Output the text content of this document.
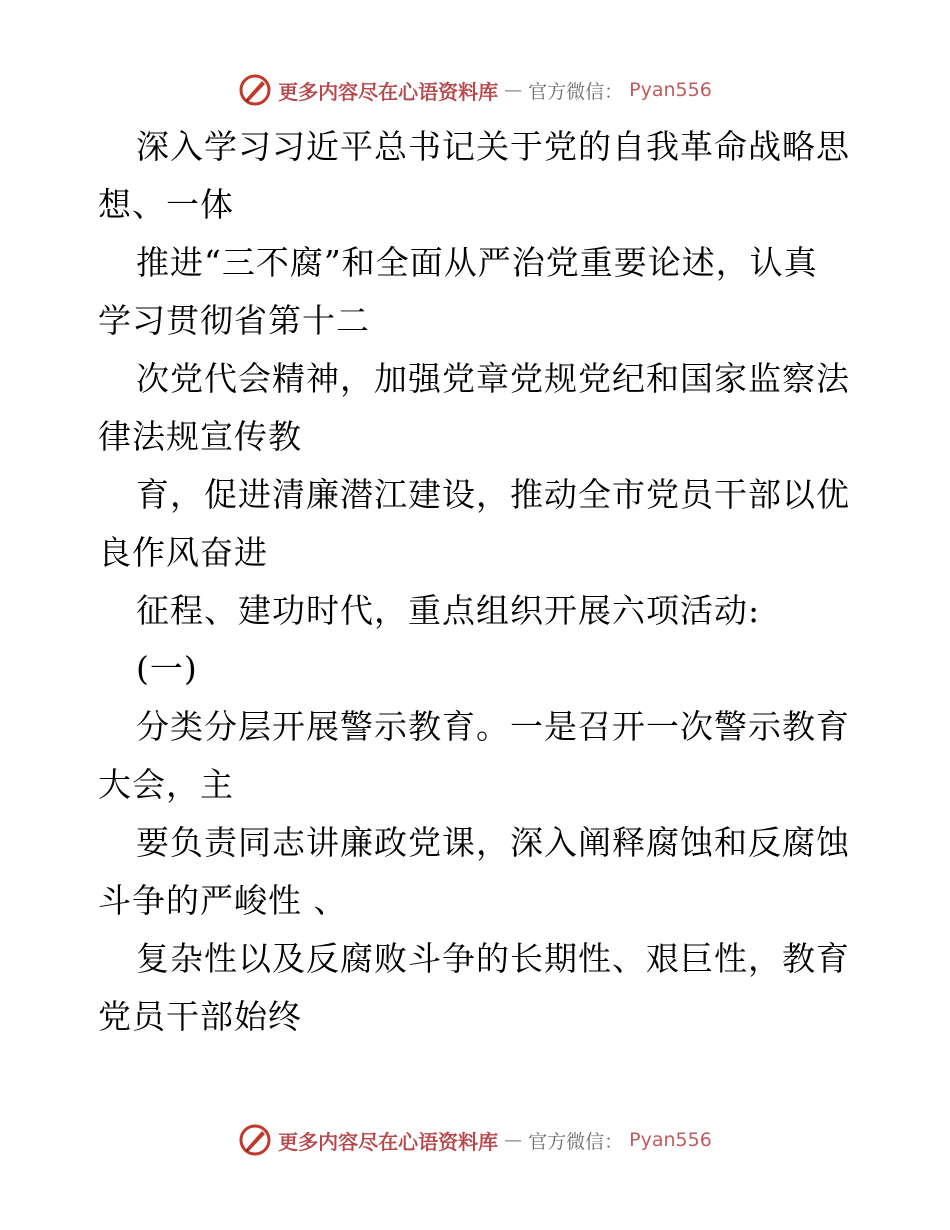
更多内容尽在心语资料库 — 官方微信： Pyan556
深入学习习近平总书记关于党的自我革命战略思
想、一体
推进“三不腐”和全面从严治党重要论述，认真
学习贯彻省第十二
次党代会精神，加强党章党规党纪和国家监察法
律法规宣传教
育，促进清廉潜江建设，推动全市党员干部以优
良作风奋进
征程、建功时代，重点组织开展六项活动:
(一)
分类分层开展警示教育。一是召开一次警示教育
大会，主
要负责同志讲廉政党课，深入阐释腐蚀和反腐蚀
斗争的严峻性 、
复杂性以及反腐败斗争的长期性、艰巨性，教育
党员干部始终
更多内容尽在心语资料库 — 官方微信： Pyan556
